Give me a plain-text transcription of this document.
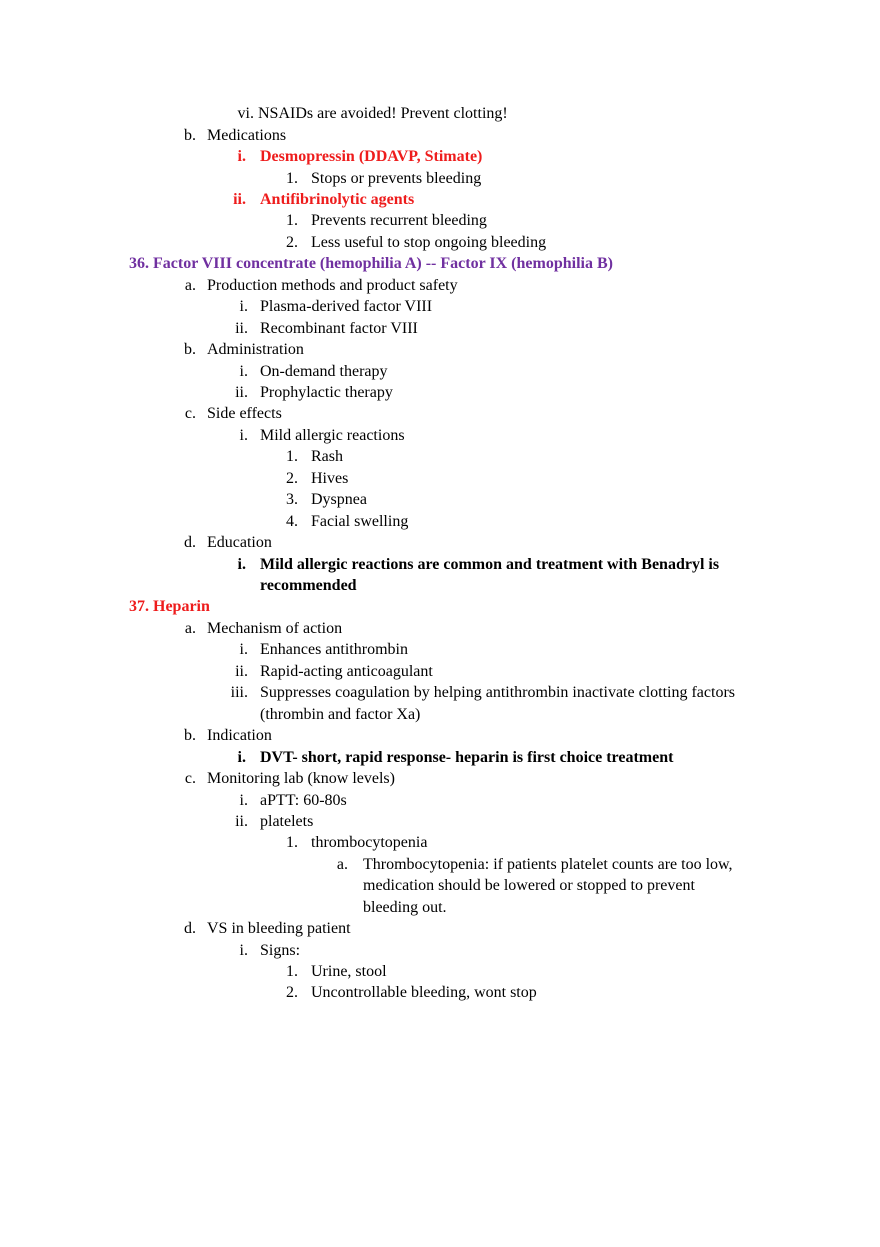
vi. NSAIDs are avoided! Prevent clotting!
b. Medications
i. Desmopressin (DDAVP, Stimate)
1. Stops or prevents bleeding
ii. Antifibrinolytic agents
1. Prevents recurrent bleeding
2. Less useful to stop ongoing bleeding
36. Factor VIII concentrate (hemophilia A) -- Factor IX (hemophilia B)
a. Production methods and product safety
i. Plasma-derived factor VIII
ii. Recombinant factor VIII
b. Administration
i. On-demand therapy
ii. Prophylactic therapy
c. Side effects
i. Mild allergic reactions
1. Rash
2. Hives
3. Dyspnea
4. Facial swelling
d. Education
i. Mild allergic reactions are common and treatment with Benadryl is
recommended
37. Heparin
a. Mechanism of action
i. Enhances antithrombin
ii. Rapid-acting anticoagulant
iii. Suppresses coagulation by helping antithrombin inactivate clotting factors
(thrombin and factor Xa)
b. Indication
i. DVT- short, rapid response- heparin is first choice treatment
c. Monitoring lab (know levels)
i. aPTT: 60-80s
ii. platelets
1. thrombocytopenia
a. Thrombocytopenia: if patients platelet counts are too low,
medication should be lowered or stopped to prevent
bleeding out.
d. VS in bleeding patient
i. Signs:
1. Urine, stool
2. Uncontrollable bleeding, wont stop
